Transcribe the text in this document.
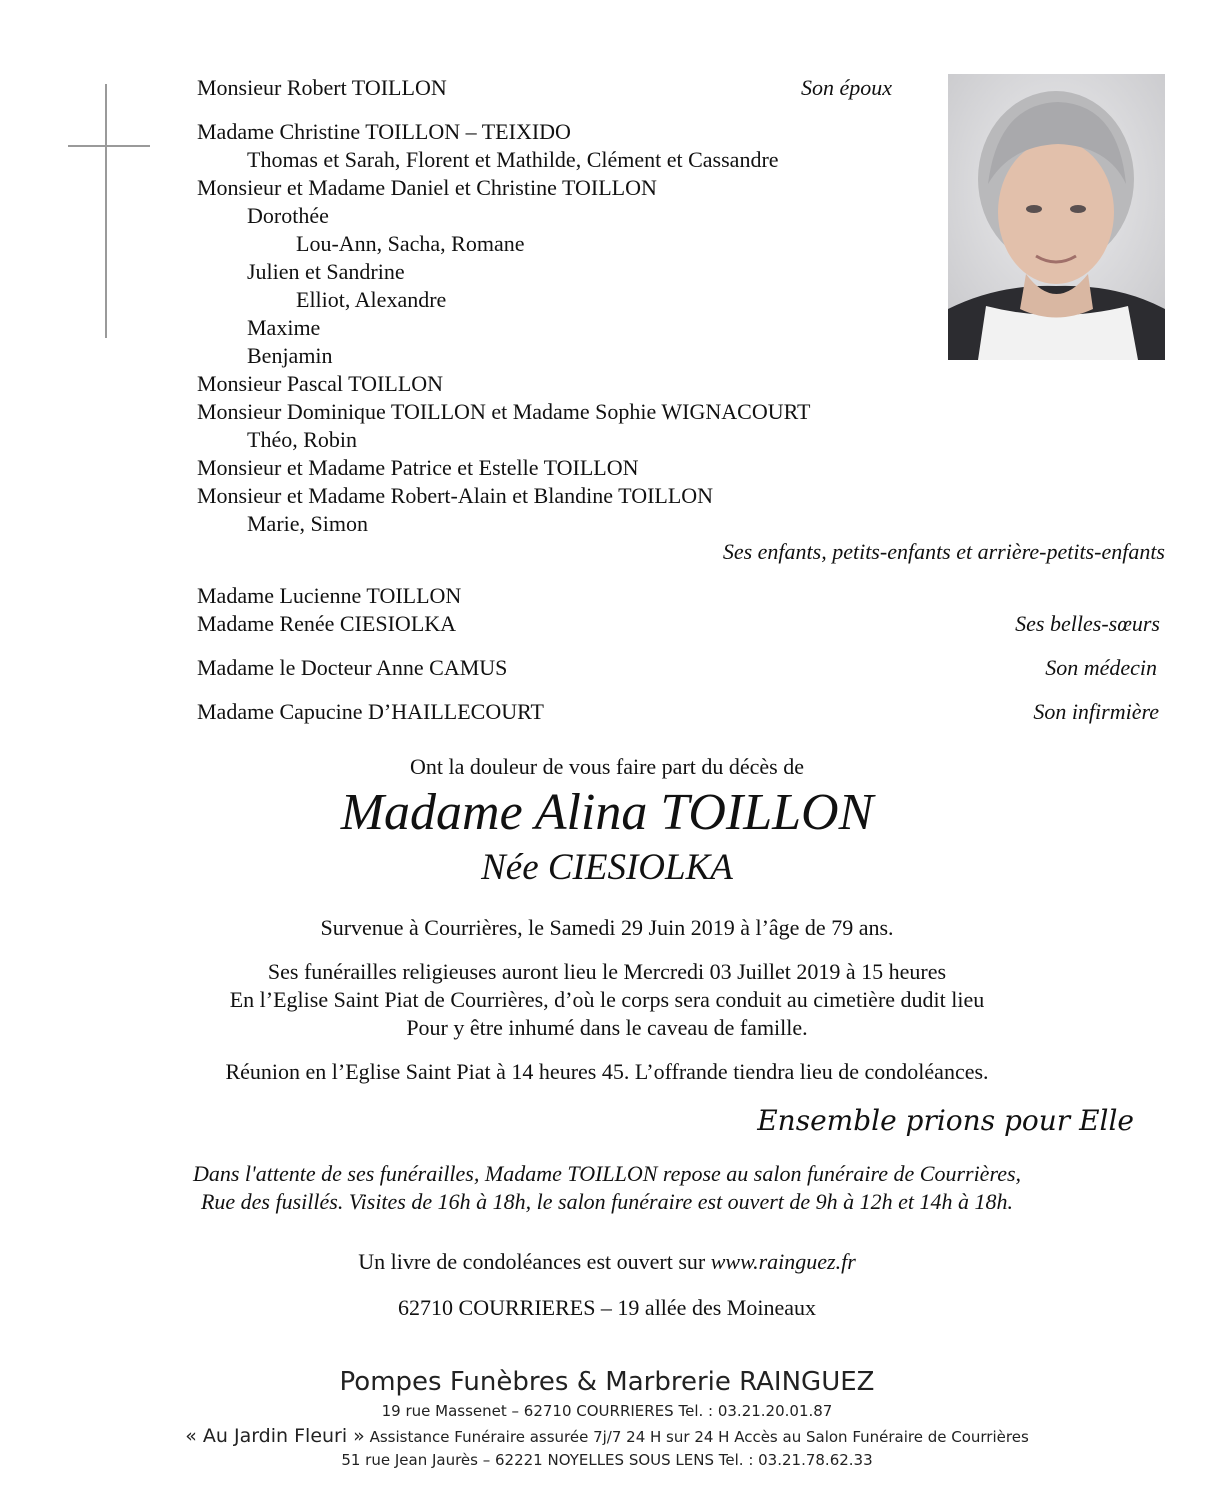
Monsieur Robert TOILLON	Son époux
Madame Christine TOILLON – TEIXIDO
Thomas et Sarah, Florent et Mathilde, Clément et Cassandre
Monsieur et Madame Daniel et Christine TOILLON
Dorothée
Lou-Ann, Sacha, Romane
Julien et Sandrine
Elliot, Alexandre
Maxime
Benjamin
Monsieur Pascal TOILLON
Monsieur Dominique TOILLON et Madame Sophie WIGNACOURT
Théo, Robin
Monsieur et Madame Patrice et Estelle TOILLON
Monsieur et Madame Robert-Alain et Blandine TOILLON
Marie, Simon
Ses enfants, petits-enfants et arrière-petits-enfants
Madame Lucienne TOILLON
Madame Renée CIESIOLKA	Ses belles-sœurs
Madame le Docteur Anne CAMUS	Son médecin
Madame Capucine D’HAILLECOURT	Son infirmière
Ont la douleur de vous faire part du décès de
Madame Alina TOILLON
Née CIESIOLKA
Survenue à Courrières, le Samedi 29 Juin 2019 à l’âge de 79 ans.
Ses funérailles religieuses auront lieu le Mercredi 03 Juillet 2019 à 15 heures
En l’Eglise Saint Piat de Courrières, d’où le corps sera conduit au cimetière dudit lieu
Pour y être inhumé dans le caveau de famille.
Réunion en l’Eglise Saint Piat à 14 heures 45. L’offrande tiendra lieu de condoléances.
Ensemble prions pour Elle
Dans l'attente de ses funérailles, Madame TOILLON repose au salon funéraire de Courrières,
Rue des fusillés. Visites de 16h à 18h, le salon funéraire est ouvert de 9h à 12h et 14h à 18h.
Un livre de condoléances est ouvert sur www.rainguez.fr
62710 COURRIERES – 19 allée des Moineaux
Pompes Funèbres & Marbrerie RAINGUEZ
19 rue Massenet – 62710 COURRIERES Tel. : 03.21.20.01.87
« Au Jardin Fleuri » Assistance Funéraire assurée 7j/7 24 H sur 24 H Accès au Salon Funéraire de Courrières
51 rue Jean Jaurès – 62221 NOYELLES SOUS LENS Tel. : 03.21.78.62.33
